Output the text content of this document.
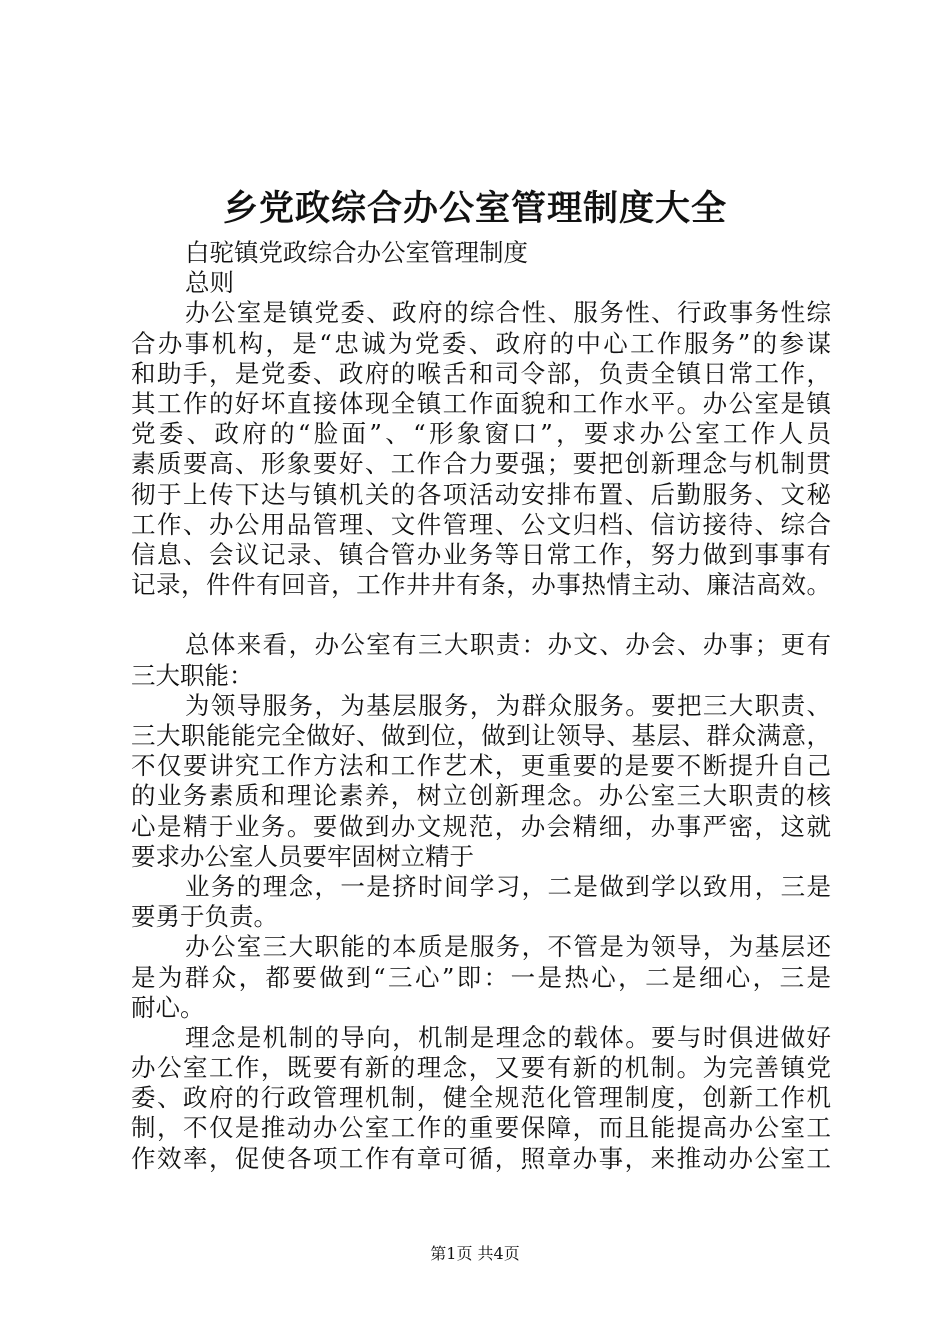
乡党政综合办公室管理制度大全
白驼镇党政综合办公室管理制度
总则
办公室是镇党委、政府的综合性、服务性、行政事务性综
合办事机构，是“忠诚为党委、政府的中心工作服务”的参谋
和助手，是党委、政府的喉舌和司令部，负责全镇日常工作，
其工作的好坏直接体现全镇工作面貌和工作水平。办公室是镇
党委、政府的“脸面”、“形象窗口”，要求办公室工作人员
素质要高、形象要好、工作合力要强；要把创新理念与机制贯
彻于上传下达与镇机关的各项活动安排布置、后勤服务、文秘
工作、办公用品管理、文件管理、公文归档、信访接待、综合
信息、会议记录、镇合管办业务等日常工作，努力做到事事有
记录，件件有回音，工作井井有条，办事热情主动、廉洁高效。
总体来看，办公室有三大职责：办文、办会、办事；更有
三大职能：
为领导服务，为基层服务，为群众服务。要把三大职责、
三大职能能完全做好、做到位，做到让领导、基层、群众满意，
不仅要讲究工作方法和工作艺术，更重要的是要不断提升自己
的业务素质和理论素养，树立创新理念。办公室三大职责的核
心是精于业务。要做到办文规范，办会精细，办事严密，这就
要求办公室人员要牢固树立精于
业务的理念，一是挤时间学习，二是做到学以致用，三是
要勇于负责。
办公室三大职能的本质是服务，不管是为领导，为基层还
是为群众，都要做到“三心”即：一是热心，二是细心，三是
耐心。
理念是机制的导向，机制是理念的载体。要与时俱进做好
办公室工作，既要有新的理念，又要有新的机制。为完善镇党
委、政府的行政管理机制，健全规范化管理制度，创新工作机
制，不仅是推动办公室工作的重要保障，而且能提高办公室工
作效率，促使各项工作有章可循，照章办事，来推动办公室工
第1页 共4页
